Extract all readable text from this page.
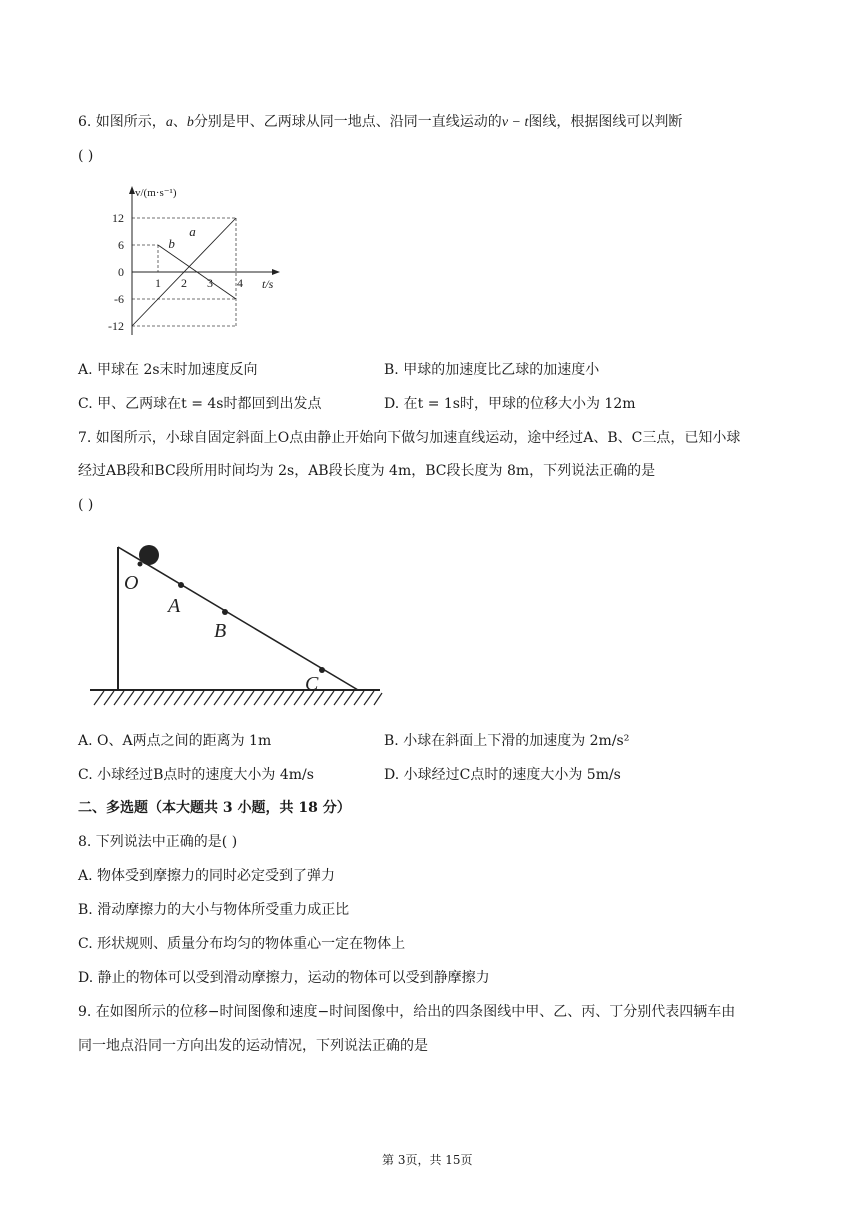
6. 如图所示，a、b分别是甲、乙两球从同一地点、沿同一直线运动的v − t图线，根据图线可以判断
( )
a
b
v/(m·s⁻¹)
t/s
12
6
0
-6
-12
1 2 3 4
A. 甲球在 2s末时加速度反向	B. 甲球的加速度比乙球的加速度小
C. 甲、乙两球在t = 4s时都回到出发点	D. 在t = 1s时，甲球的位移大小为 12m
7. 如图所示，小球自固定斜面上O点由静止开始向下做匀加速直线运动，途中经过A、B、C三点，已知小球
经过AB段和BC段所用时间均为 2s，AB段长度为 4m，BC段长度为 8m，下列说法正确的是
( )
O
A
B
C
A. O、A两点之间的距离为 1m	B. 小球在斜面上下滑的加速度为 2m/s²
C. 小球经过B点时的速度大小为 4m/s	D. 小球经过C点时的速度大小为 5m/s
二、多选题（本大题共 3 小题，共 18 分）
8. 下列说法中正确的是( )
A. 物体受到摩擦力的同时必定受到了弹力
B. 滑动摩擦力的大小与物体所受重力成正比
C. 形状规则、质量分布均匀的物体重心一定在物体上
D. 静止的物体可以受到滑动摩擦力，运动的物体可以受到静摩擦力
9. 在如图所示的位移−时间图像和速度−时间图像中，给出的四条图线中甲、乙、丙、丁分别代表四辆车由
同一地点沿同一方向出发的运动情况，下列说法正确的是
第 3页，共 15页
